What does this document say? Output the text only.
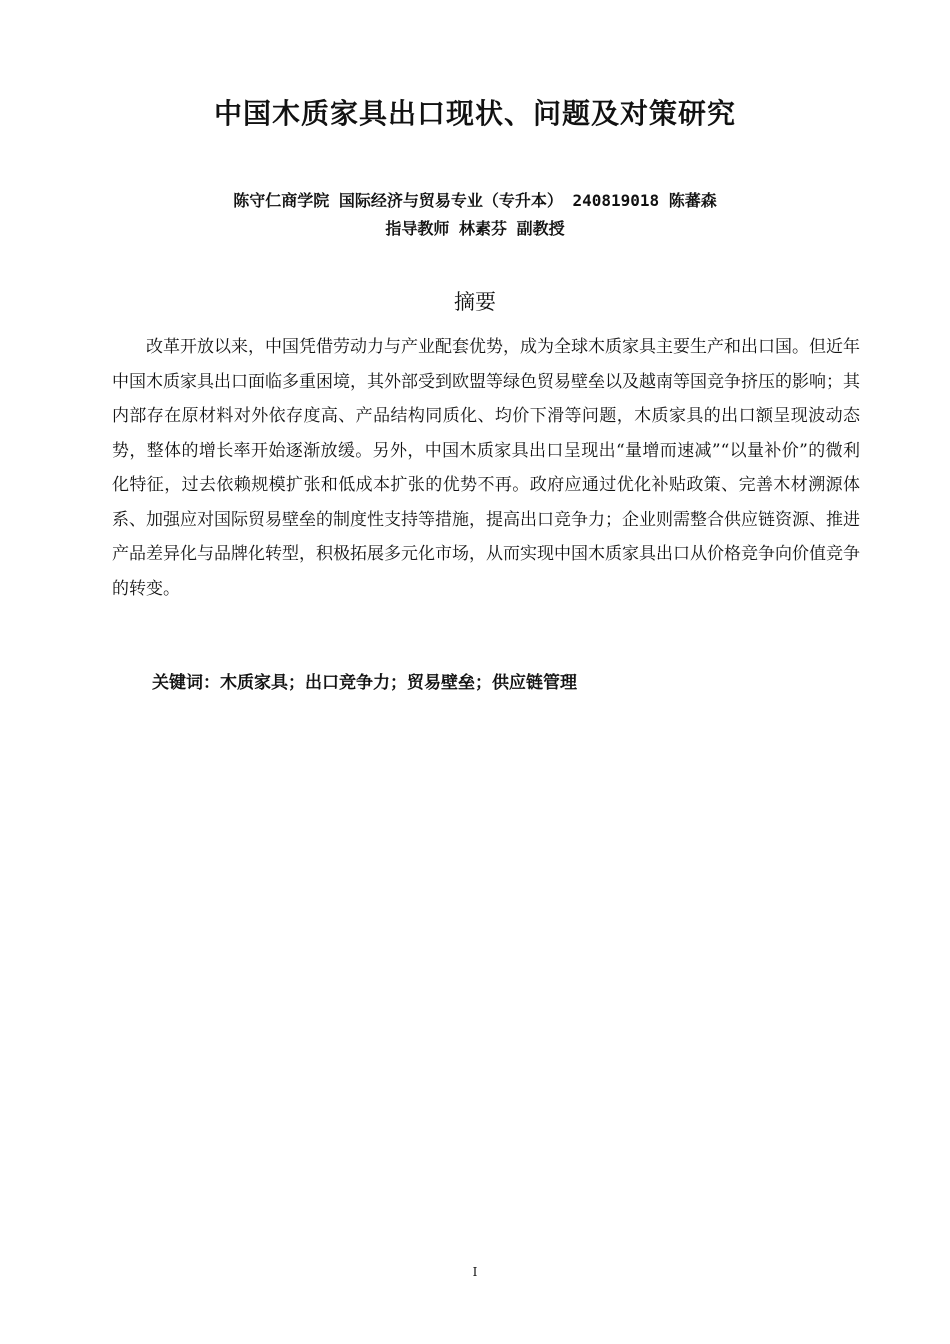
中国木质家具出口现状、问题及对策研究
陈守仁商学院 国际经济与贸易专业（专升本） 240819018 陈蕃森
指导教师 林素芬 副教授
摘要

改革开放以来，中国凭借劳动力与产业配套优势，成为全球木质家具主要生产和出口国。但近年中国木质家具出口面临多重困境，其外部受到欧盟等绿色贸易壁垒以及越南等国竞争挤压的影响；其内部存在原材料对外依存度高、产品结构同质化、均价下滑等问题，木质家具的出口额呈现波动态势，整体的增长率开始逐渐放缓。另外，中国木质家具出口呈现出“量增而速减”“以量补价”的微利化特征，过去依赖规模扩张和低成本扩张的优势不再。政府应通过优化补贴政策、完善木材溯源体系、加强应对国际贸易壁垒的制度性支持等措施，提高出口竞争力；企业则需整合供应链资源、推进产品差异化与品牌化转型，积极拓展多元化市场，从而实现中国木质家具出口从价格竞争向价值竞争的转变。

关键词：木质家具；出口竞争力；贸易壁垒；供应链管理
I
